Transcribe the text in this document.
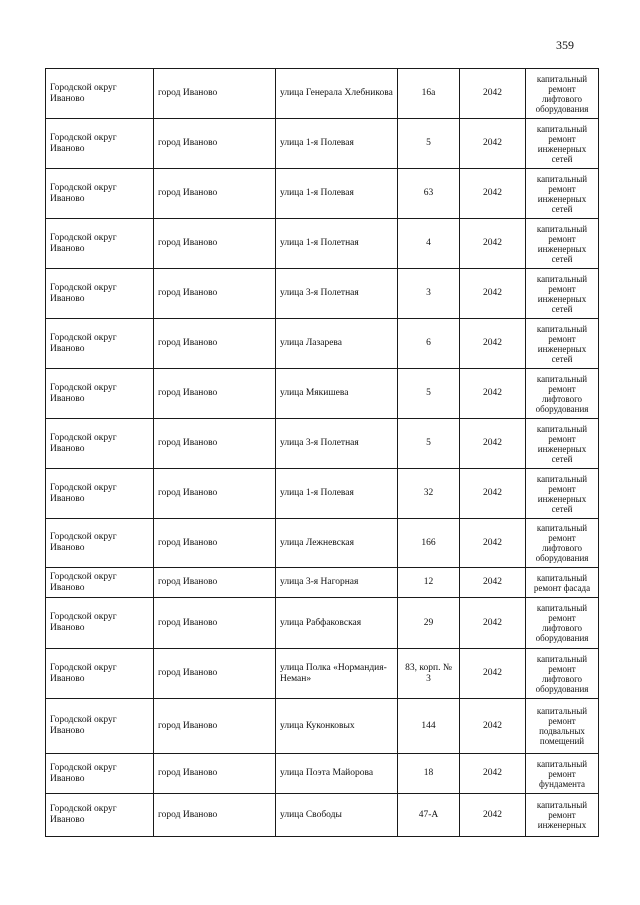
359
Городской округ Иваново	город Иваново	улица Генерала Хлебникова	16а	2042	капитальный ремонт лифтового оборудования
Городской округ Иваново	город Иваново	улица 1-я Полевая	5	2042	капитальный ремонт инженерных сетей
Городской округ Иваново	город Иваново	улица 1-я Полевая	63	2042	капитальный ремонт инженерных сетей
Городской округ Иваново	город Иваново	улица 1-я Полетная	4	2042	капитальный ремонт инженерных сетей
Городской округ Иваново	город Иваново	улица 3-я Полетная	3	2042	капитальный ремонт инженерных сетей
Городской округ Иваново	город Иваново	улица Лазарева	6	2042	капитальный ремонт инженерных сетей
Городской округ Иваново	город Иваново	улица Мякишева	5	2042	капитальный ремонт лифтового оборудования
Городской округ Иваново	город Иваново	улица 3-я Полетная	5	2042	капитальный ремонт инженерных сетей
Городской округ Иваново	город Иваново	улица 1-я Полевая	32	2042	капитальный ремонт инженерных сетей
Городской округ Иваново	город Иваново	улица Лежневская	166	2042	капитальный ремонт лифтового оборудования
Городской округ Иваново	город Иваново	улица 3-я Нагорная	12	2042	капитальный ремонт фасада
Городской округ Иваново	город Иваново	улица Рабфаковская	29	2042	капитальный ремонт лифтового оборудования
Городской округ Иваново	город Иваново	улица Полка «Нормандия-Неман»	83, корп. № 3	2042	капитальный ремонт лифтового оборудования
Городской округ Иваново	город Иваново	улица Куконковых	144	2042	капитальный ремонт подвальных помещений
Городской округ Иваново	город Иваново	улица Поэта Майорова	18	2042	капитальный ремонт фундамента
Городской округ Иваново	город Иваново	улица Свободы	47-А	2042	капитальный ремонт инженерных
